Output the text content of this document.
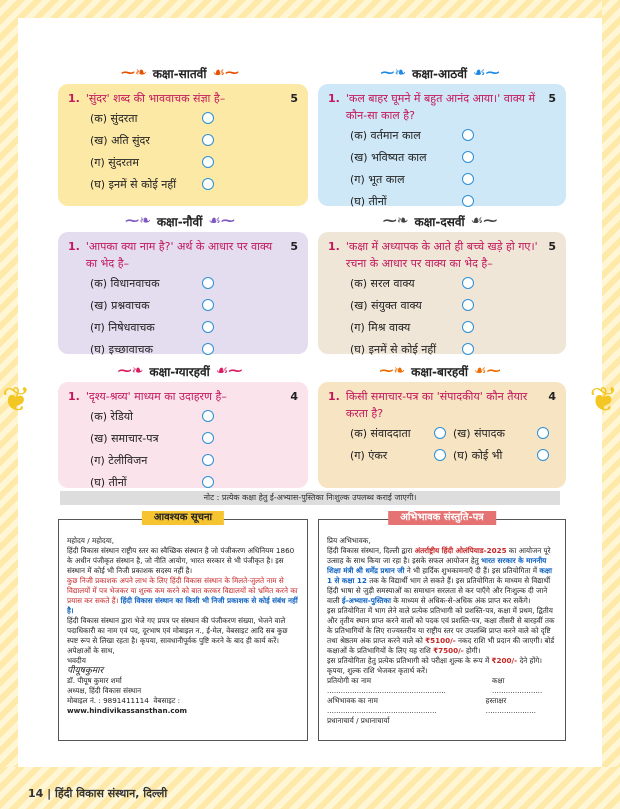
❦	❦
⁓❧ कक्षा-सातवीं ☙⁓
1. 'सुंदर' शब्द की भाववाचक संज्ञा है–	5
(क) सुंदरता
(ख) अति सुंदर
(ग) सुंदरतम
(घ) इनमें से कोई नहीं
⁓❧ कक्षा-आठवीं ☙⁓
1. 'कल बाहर घूमने में बहुत आनंद आया।' वाक्य में कौन-सा काल है?
5
(क) वर्तमान काल
(ख) भविष्यत काल
(ग) भूत काल
(घ) तीनों
⁓❧ कक्षा-नौवीं ☙⁓
1. 'आपका क्या नाम है?' अर्थ के आधार पर वाक्य का भेद है–
5
(क) विधानवाचक
(ख) प्रश्नवाचक
(ग) निषेधवाचक
(घ) इच्छावाचक
⁓❧ कक्षा-दसवीं ☙⁓
1. 'कक्षा में अध्यापक के आते ही बच्चे खड़े हो गए।' रचना के आधार पर वाक्य का भेद है–
5
(क) सरल वाक्य
(ख) संयुक्त वाक्य
(ग) मिश्र वाक्य
(घ) इनमें से कोई नहीं
⁓❧ कक्षा-ग्यारहवीं ☙⁓
1. 'दृश्य-श्रव्य' माध्यम का उदाहरण है–	4
(क) रेडियो
(ख) समाचार-पत्र
(ग) टेलीविजन
(घ) तीनों
⁓❧ कक्षा-बारहवीं ☙⁓
1. किसी समाचार-पत्र का 'संपादकीय' कौन तैयार करता है?
4
(क) संवाददाता	(ख) संपादक
(ग) एंकर	(घ) कोई भी
नोट : प्रत्येक कक्षा हेतु ई-अभ्यास-पुस्तिका निःशुल्क उपलब्ध कराई जाएगी।
आवश्यक सूचना

महोदय / महोदया,

हिंदी विकास संस्थान राष्ट्रीय स्तर का स्वैच्छिक संस्थान है जो पंजीकरण अधिनियम 1860 के अधीन पंजीकृत संस्थान है, जो नीति आयोग, भारत सरकार से भी पंजीकृत है। इस संस्थान में कोई भी निजी प्रकाशक सदस्य नहीं है।

कुछ निजी प्रकाशक अपने लाभ के लिए हिंदी विकास संस्थान के मिलते-जुलते नाम से विद्यालयों में पत्र भेजकर या शुल्क कम करने को बात करकर विद्यालयों को भ्रमित करने का प्रयास कर सकते हैं। हिंदी विकास संस्थान का किसी भी निजी प्रकाशक से कोई संबंध नहीं है।

हिंदी विकास संस्थान द्वारा भेजे गए प्रपत्र पर संस्थान की पंजीकरण संख्या, भेजने वाले पदाधिकारी का नाम एवं पद, दूरभाष एवं मोबाइल न., ई-मेल, वेबसाइट आदि सब कुछ स्पष्ट रूप से लिखा रहता है। कृपया, सावधानीपूर्वक पुष्टि करने के बाद ही कार्य करें।

अपेक्षाओं के साथ,

भवदीय

पीयूषकुमार

डॉ. पीयूष कुमार शर्मा

अध्यक्ष, हिंदी विकास संस्थान

मोबाइल नं. : 9891411114 वेबसाइट : www.hindivikassansthan.com

अभिभावक संस्तुति-पत्र

प्रिय अभिभावक,

हिंदी विकास संस्थान, दिल्ली द्वारा अंतर्राष्ट्रीय हिंदी ओलंपियाड-2025 का आयोजन पूरे उत्साह के साथ किया जा रहा है। इसके सफल आयोजन हेतु भारत सरकार के माननीय शिक्षा मंत्री श्री धर्मेंद्र प्रधान जी ने भी हार्दिक शुभकामनाएँ दी हैं। इस प्रतियोगिता में कक्षा 1 से कक्षा 12 तक के विद्यार्थी भाग ले सकते हैं। इस प्रतियोगिता के माध्यम से विद्यार्थी हिंदी भाषा से जुड़ी समस्याओं का समाधान सरलता से कर पाएँगे और निःशुल्क दी जाने वाली ई-अभ्यास-पुस्तिका के माध्यम से अधिक-से-अधिक अंक प्राप्त कर सकेंगे।

इस प्रतियोगिता में भाग लेने वाले प्रत्येक प्रतिभागी को प्रशस्ति-पत्र, कक्षा में प्रथम, द्वितीय और तृतीय स्थान प्राप्त करने वालों को पदक एवं प्रशस्ति-पत्र, कक्षा तीसरी से बारहवीं तक के प्रतिभागियों के लिए राज्यस्तरीय या राष्ट्रीय स्तर पर उपलब्धि प्राप्त करने वाले को दृष्टि तथा श्रेष्ठतम अंक प्राप्त करने वाले को ₹5100/- नकद राशि भी प्रदान की जाएगी। बोर्ड कक्षाओं के प्रतिभागियों के लिए यह राशि ₹7500/- होगी।

इस प्रतियोगिता हेतु प्रत्येक प्रतिभागी को परीक्षा शुल्क के रूप में ₹200/- देने होंगे। कृपया, शुल्क राशि भेजकर कृतार्थ करें।

प्रतियोगी का नाम ....................................................
कक्षा ......................

अभिभावक का नाम ................................................
हस्ताक्षर ......................

प्रधानाचार्य / प्रधानाचार्या

14 | हिंदी विकास संस्थान, दिल्ली
